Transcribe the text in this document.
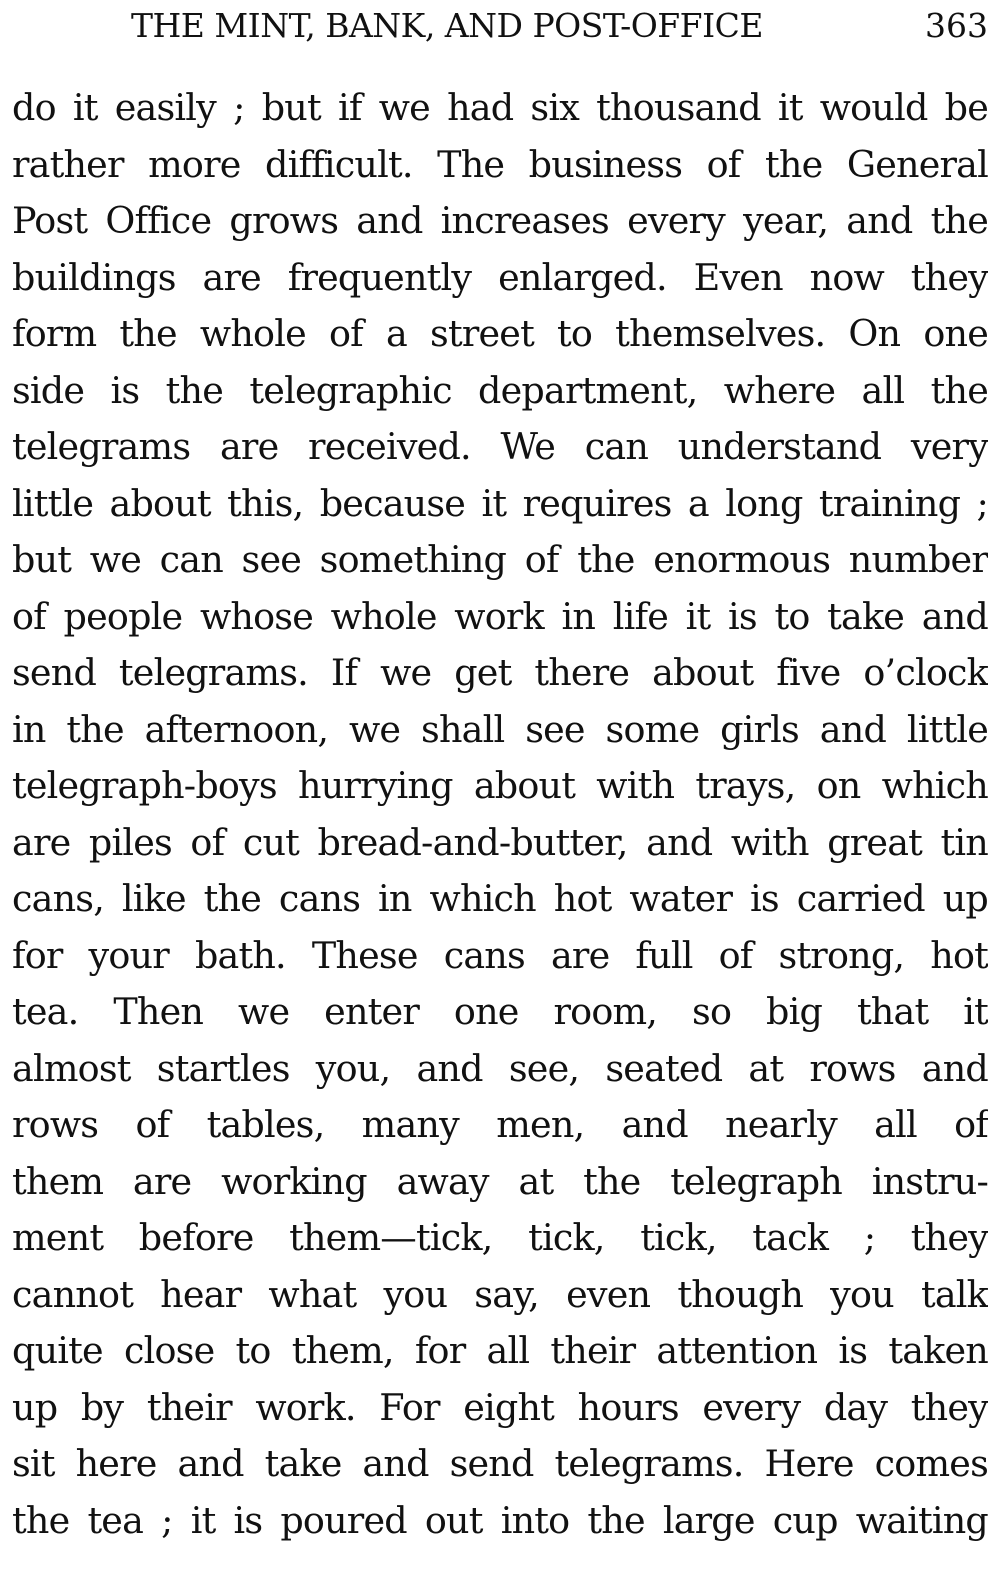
THE MINT, BANK, AND POST-OFFICE	363
do it easily ; but if we had six thousand it would be
rather more difficult. The business of the General
Post Office grows and increases every year, and the
buildings are frequently enlarged. Even now they
form the whole of a street to themselves. On one
side is the telegraphic department, where all the
telegrams are received. We can understand very
little about this, because it requires a long training ;
but we can see something of the enormous number
of people whose whole work in life it is to take and
send telegrams. If we get there about five o’clock
in the afternoon, we shall see some girls and little
telegraph-boys hurrying about with trays, on which
are piles of cut bread-and-butter, and with great tin
cans, like the cans in which hot water is carried up
for your bath. These cans are full of strong, hot
tea. Then we enter one room, so big that it
almost startles you, and see, seated at rows and
rows of tables, many men, and nearly all of
them are working away at the telegraph instru-
ment before them—tick, tick, tick, tack ; they
cannot hear what you say, even though you talk
quite close to them, for all their attention is taken
up by their work. For eight hours every day they
sit here and take and send telegrams. Here comes
the tea ; it is poured out into the large cup waiting
